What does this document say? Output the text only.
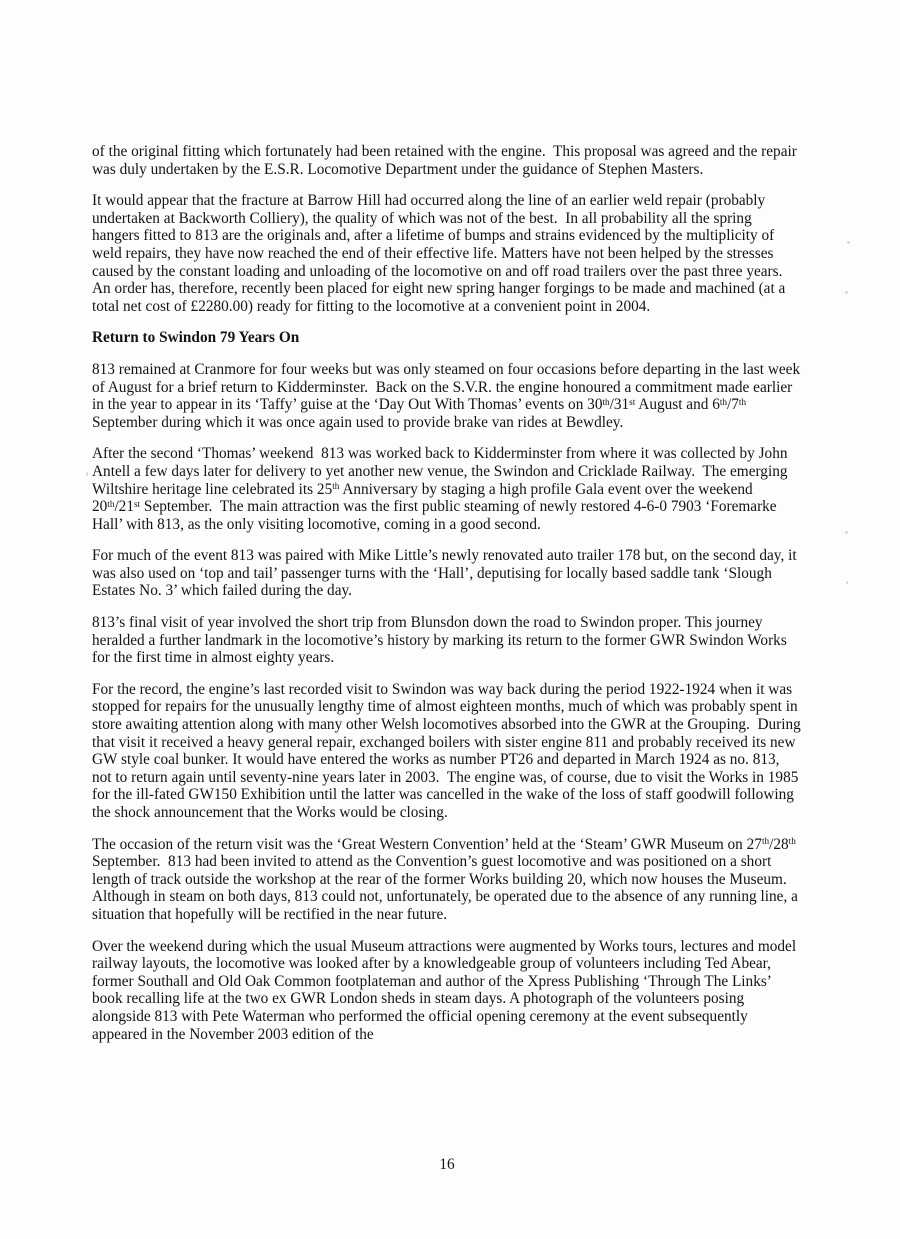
of the original fitting which fortunately had been retained with the engine.  This proposal was agreed and the repair was duly undertaken by the E.S.R. Locomotive Department under the guidance of Stephen Masters.

It would appear that the fracture at Barrow Hill had occurred along the line of an earlier weld repair (probably undertaken at Backworth Colliery), the quality of which was not of the best.  In all probability all the spring hangers fitted to 813 are the originals and, after a lifetime of bumps and strains evidenced by the multiplicity of weld repairs, they have now reached the end of their effective life. Matters have not been helped by the stresses caused by the constant loading and unloading of the locomotive on and off road trailers over the past three years. An order has, therefore, recently been placed for eight new spring hanger forgings to be made and machined (at a total net cost of £2280.00) ready for fitting to the locomotive at a convenient point in 2004.

Return to Swindon 79 Years On

813 remained at Cranmore for four weeks but was only steamed on four occasions before departing in the last week of August for a brief return to Kidderminster.  Back on the S.V.R. the engine honoured a commitment made earlier in the year to appear in its ‘Taffy’ guise at the ‘Day Out With Thomas’ events on 30th/31st August and 6th/7th September during which it was once again used to provide brake van rides at Bewdley.

After the second ‘Thomas’ weekend  813 was worked back to Kidderminster from where it was collected by John Antell a few days later for delivery to yet another new venue, the Swindon and Cricklade Railway.  The emerging Wiltshire heritage line celebrated its 25th Anniversary by staging a high profile Gala event over the weekend 20th/21st September.  The main attraction was the first public steaming of newly restored 4-6-0 7903 ‘Foremarke Hall’ with 813, as the only visiting locomotive, coming in a good second.

For much of the event 813 was paired with Mike Little’s newly renovated auto trailer 178 but, on the second day, it was also used on ‘top and tail’ passenger turns with the ‘Hall’, deputising for locally based saddle tank ‘Slough Estates No. 3’ which failed during the day.

813’s final visit of year involved the short trip from Blunsdon down the road to Swindon proper. This journey heralded a further landmark in the locomotive’s history by marking its return to the former GWR Swindon Works for the first time in almost eighty years.

For the record, the engine’s last recorded visit to Swindon was way back during the period 1922-1924 when it was stopped for repairs for the unusually lengthy time of almost eighteen months, much of which was probably spent in store awaiting attention along with many other Welsh locomotives absorbed into the GWR at the Grouping.  During that visit it received a heavy general repair, exchanged boilers with sister engine 811 and probably received its new GW style coal bunker. It would have entered the works as number PT26 and departed in March 1924 as no. 813, not to return again until seventy-nine years later in 2003.  The engine was, of course, due to visit the Works in 1985 for the ill-fated GW150 Exhibition until the latter was cancelled in the wake of the loss of staff goodwill following the shock announcement that the Works would be closing.

The occasion of the return visit was the ‘Great Western Convention’ held at the ‘Steam’ GWR Museum on 27th/28th September.  813 had been invited to attend as the Convention’s guest locomotive and was positioned on a short length of track outside the workshop at the rear of the former Works building 20, which now houses the Museum.  Although in steam on both days, 813 could not, unfortunately, be operated due to the absence of any running line, a situation that hopefully will be rectified in the near future.

Over the weekend during which the usual Museum attractions were augmented by Works tours, lectures and model railway layouts, the locomotive was looked after by a knowledgeable group of volunteers including Ted Abear, former Southall and Old Oak Common footplateman and author of the Xpress Publishing ‘Through The Links’ book recalling life at the two ex GWR London sheds in steam days. A photograph of the volunteers posing alongside 813 with Pete Waterman who performed the official opening ceremony at the event subsequently appeared in the November 2003 edition of the

16
